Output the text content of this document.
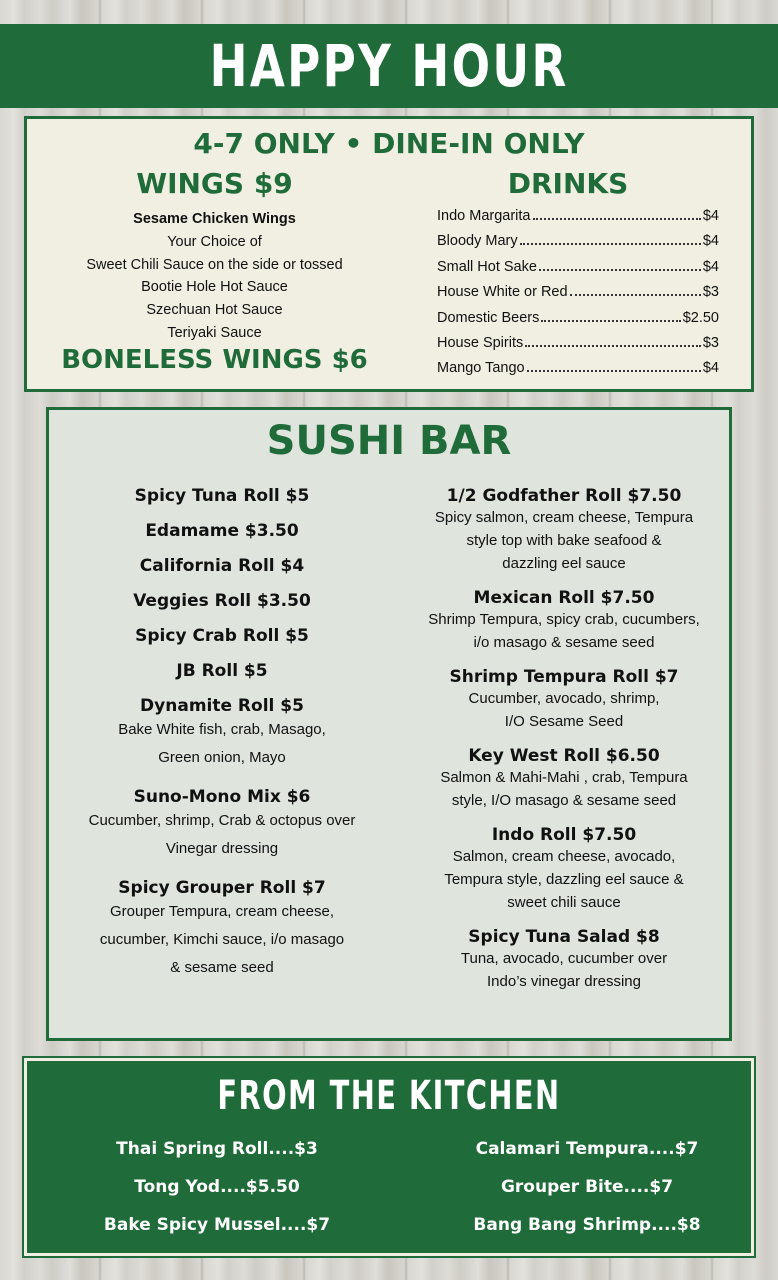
HAPPY HOUR
4-7 ONLY • DINE-IN ONLY
WINGS $9
Sesame Chicken Wings
Your Choice of
Sweet Chili Sauce on the side or tossed
Bootie Hole Hot Sauce
Szechuan Hot Sauce
Teriyaki Sauce
BONELESS WINGS $6
DRINKS
Indo Margarita	$4
Bloody Mary	$4
Small Hot Sake	$4
House White or Red	$3
Domestic Beers	$2.50
House Spirits	$3
Mango Tango	$4
SUSHI BAR
Spicy Tuna Roll $5
Edamame $3.50
California Roll $4
Veggies Roll $3.50
Spicy Crab Roll $5
JB Roll $5
Dynamite Roll $5
Bake White fish, crab, Masago,
Green onion, Mayo
Suno-Mono Mix $6
Cucumber, shrimp, Crab & octopus over
Vinegar dressing
Spicy Grouper Roll $7
Grouper Tempura, cream cheese,
cucumber, Kimchi sauce, i/o masago
& sesame seed
1/2 Godfather Roll $7.50
Spicy salmon, cream cheese, Tempura
style top with bake seafood &
dazzling eel sauce
Mexican Roll $7.50
Shrimp Tempura, spicy crab, cucumbers,
i/o masago & sesame seed
Shrimp Tempura Roll $7
Cucumber, avocado, shrimp,
I/O Sesame Seed
Key West Roll $6.50
Salmon & Mahi-Mahi , crab, Tempura
style, I/O masago & sesame seed
Indo Roll $7.50
Salmon, cream cheese, avocado,
Tempura style, dazzling eel sauce &
sweet chili sauce
Spicy Tuna Salad $8
Tuna, avocado, cucumber over
Indo’s vinegar dressing
FROM THE KITCHEN
Thai Spring Roll....$3
Tong Yod....$5.50
Bake Spicy Mussel....$7
Calamari Tempura....$7
Grouper Bite....$7
Bang Bang Shrimp....$8
